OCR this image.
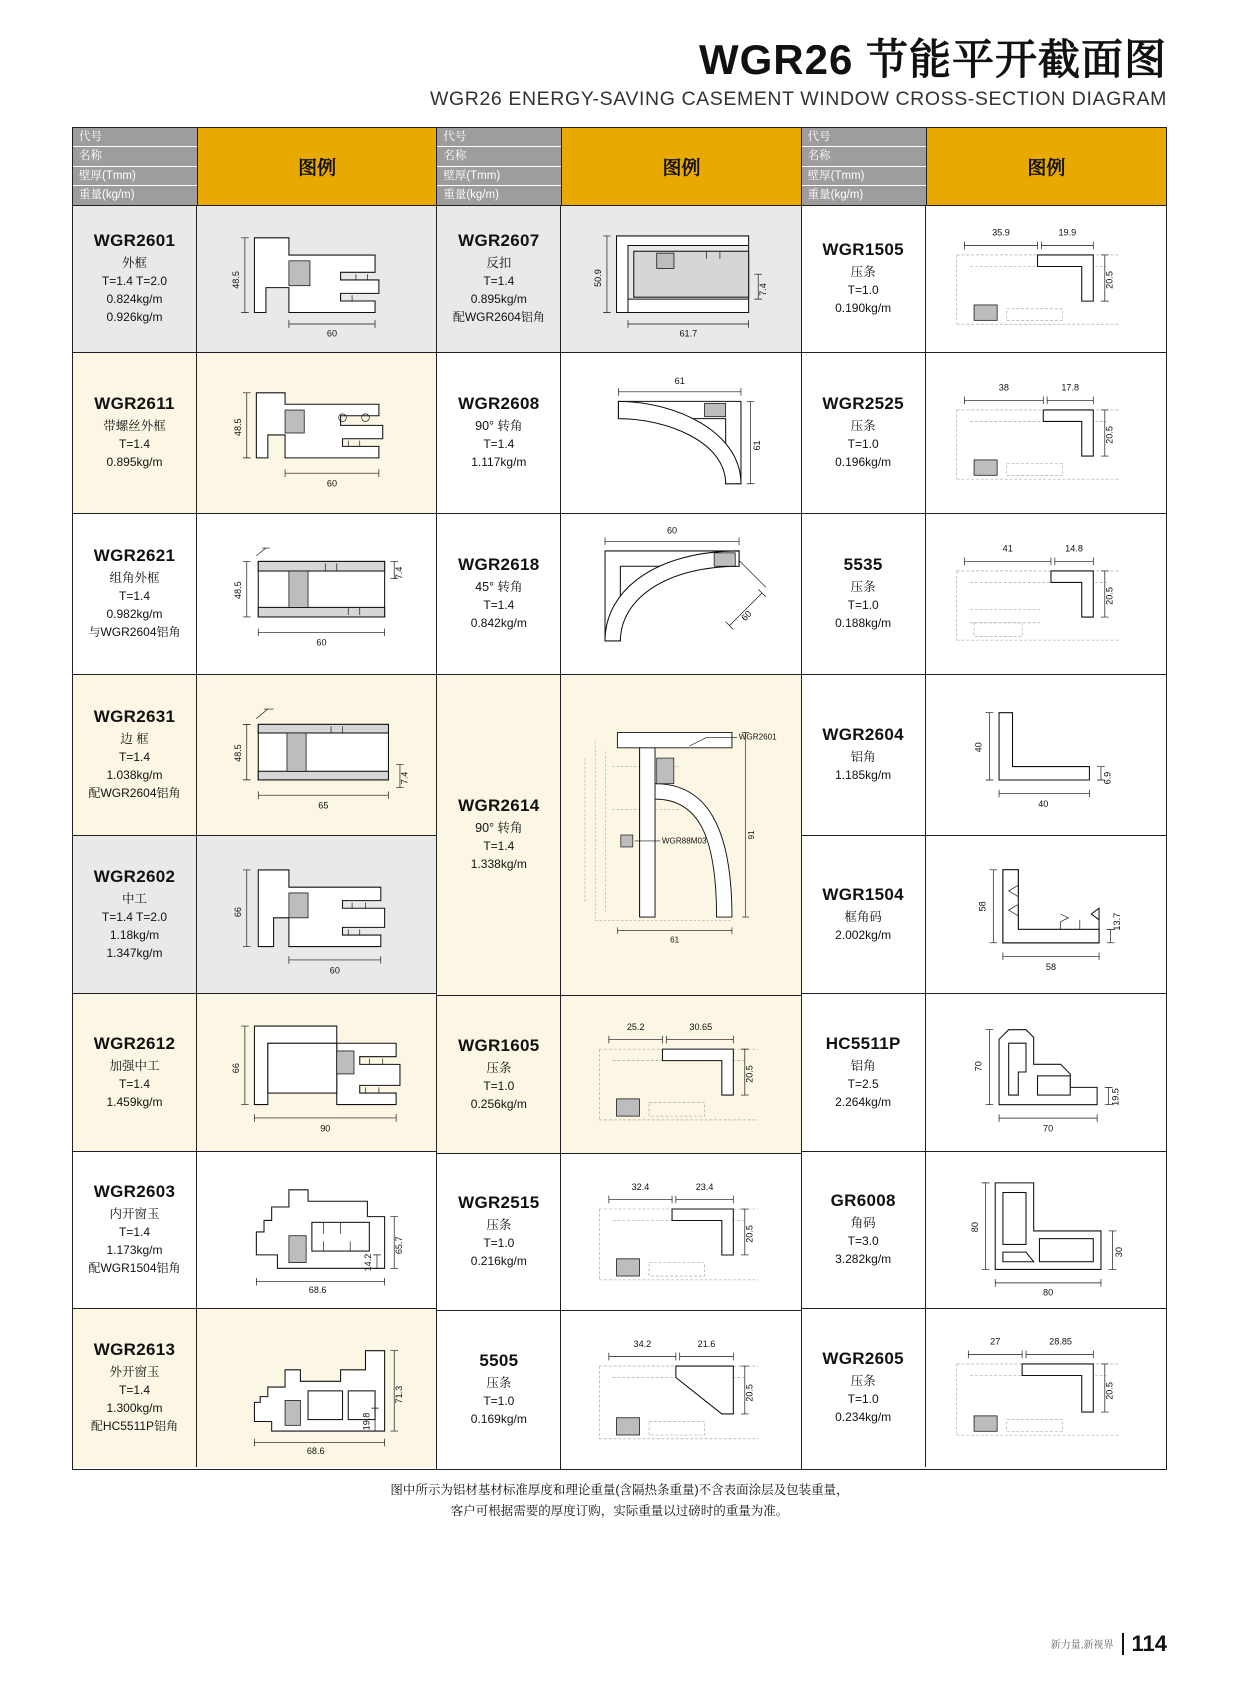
WGR26 节能平开截面图
WGR26 ENERGY-SAVING CASEMENT WINDOW CROSS-SECTION DIAGRAM
代号
名称
壁厚(Tmm)
重量(kg/m)
图例
WGR2601
外框
T=1.4 T=2.0
0.824kg/m
0.926kg/m
48.5
60
WGR2611
带螺丝外框
T=1.4
0.895kg/m
48.5
60
WGR2621
组角外框
T=1.4
0.982kg/m
与WGR2604铝角
48.5
7.4
60
WGR2631
边 框
T=1.4
1.038kg/m
配WGR2604铝角
48.5
7.4
65
WGR2602
中工
T=1.4 T=2.0
1.18kg/m
1.347kg/m
66
60
WGR2612
加强中工
T=1.4
1.459kg/m
66
90
WGR2603
内开窗玉
T=1.4
1.173kg/m
配WGR1504铝角
65.7
14.2
68.6
WGR2613
外开窗玉
T=1.4
1.300kg/m
配HC5511P铝角	19.8
71.3
68.6
代号
名称
壁厚(Tmm)
重量(kg/m)
图例
WGR2607
反扣
T=1.4
0.895kg/m
配WGR2604铝角
50.9
7.4
61.7
WGR2608
90° 转角
T=1.4
1.117kg/m
61
61
WGR2618
45° 转角
T=1.4
0.842kg/m
60
60
WGR2614
90° 转角
T=1.4
1.338kg/m
WGR2601
WGR88M03
91
61
WGR1605
压条
T=1.0
0.256kg/m
25.2	30.65
20.5
WGR2515
压条
T=1.0
0.216kg/m
32.4	23.4
20.5
5505
压条
T=1.0
0.169kg/m
34.2	21.6
20.5
代号
名称
壁厚(Tmm)
重量(kg/m)
图例
WGR1505
压条
T=1.0
0.190kg/m
35.9	19.9
20.5
WGR2525
压条
T=1.0
0.196kg/m
38	17.8
20.5
5535
压条
T=1.0
0.188kg/m
41	14.8
20.5
WGR2604
铝角
1.185kg/m
40
40
6.9
WGR1504
框角码
2.002kg/m
58
13.7
58
HC5511P
铝角
T=2.5
2.264kg/m
70
19.5
70
GR6008
角码
T=3.0
3.282kg/m
80
30
80
WGR2605
压条
T=1.0
0.234kg/m
27	28.85
20.5
图中所示为铝材基材标准厚度和理论重量(含隔热条重量)不含表面涂层及包装重量，
客户可根据需要的厚度订购，实际重量以过磅时的重量为准。
新力量,新视界 114
